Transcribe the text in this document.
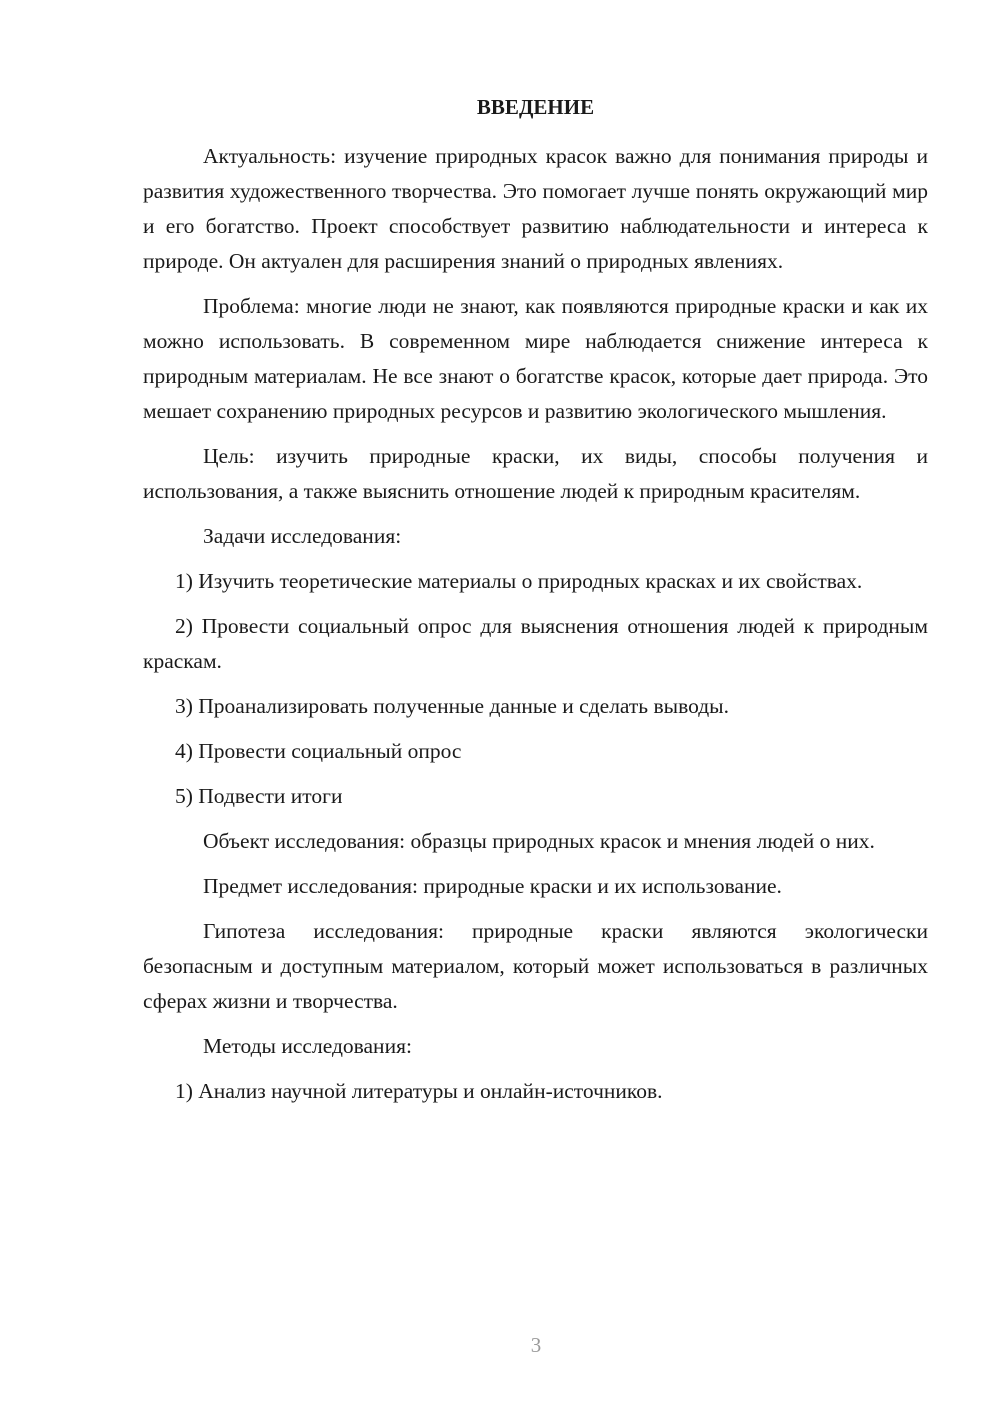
ВВЕДЕНИЕ

Актуальность: изучение природных красок важно для понимания природы и развития художественного творчества. Это помогает лучше понять окружающий мир и его богатство. Проект способствует развитию наблюдательности и интереса к природе. Он актуален для расширения знаний о природных явлениях.

Проблема: многие люди не знают, как появляются природные краски и как их можно использовать. В современном мире наблюдается снижение интереса к природным материалам. Не все знают о богатстве красок, которые дает природа. Это мешает сохранению природных ресурсов и развитию экологического мышления.

Цель: изучить природные краски, их виды, способы получения и использования, а также выяснить отношение людей к природным красителям.

Задачи исследования:

1) Изучить теоретические материалы о природных красках и их свойствах.

2) Провести социальный опрос для выяснения отношения людей к природным краскам.

3) Проанализировать полученные данные и сделать выводы.

4) Провести социальный опрос

5) Подвести итоги

Объект исследования: образцы природных красок и мнения людей о них.

Предмет исследования: природные краски и их использование.

Гипотеза исследования: природные краски являются экологически безопасным и доступным материалом, который может использоваться в различных сферах жизни и творчества.

Методы исследования:

1) Анализ научной литературы и онлайн-источников.

3
